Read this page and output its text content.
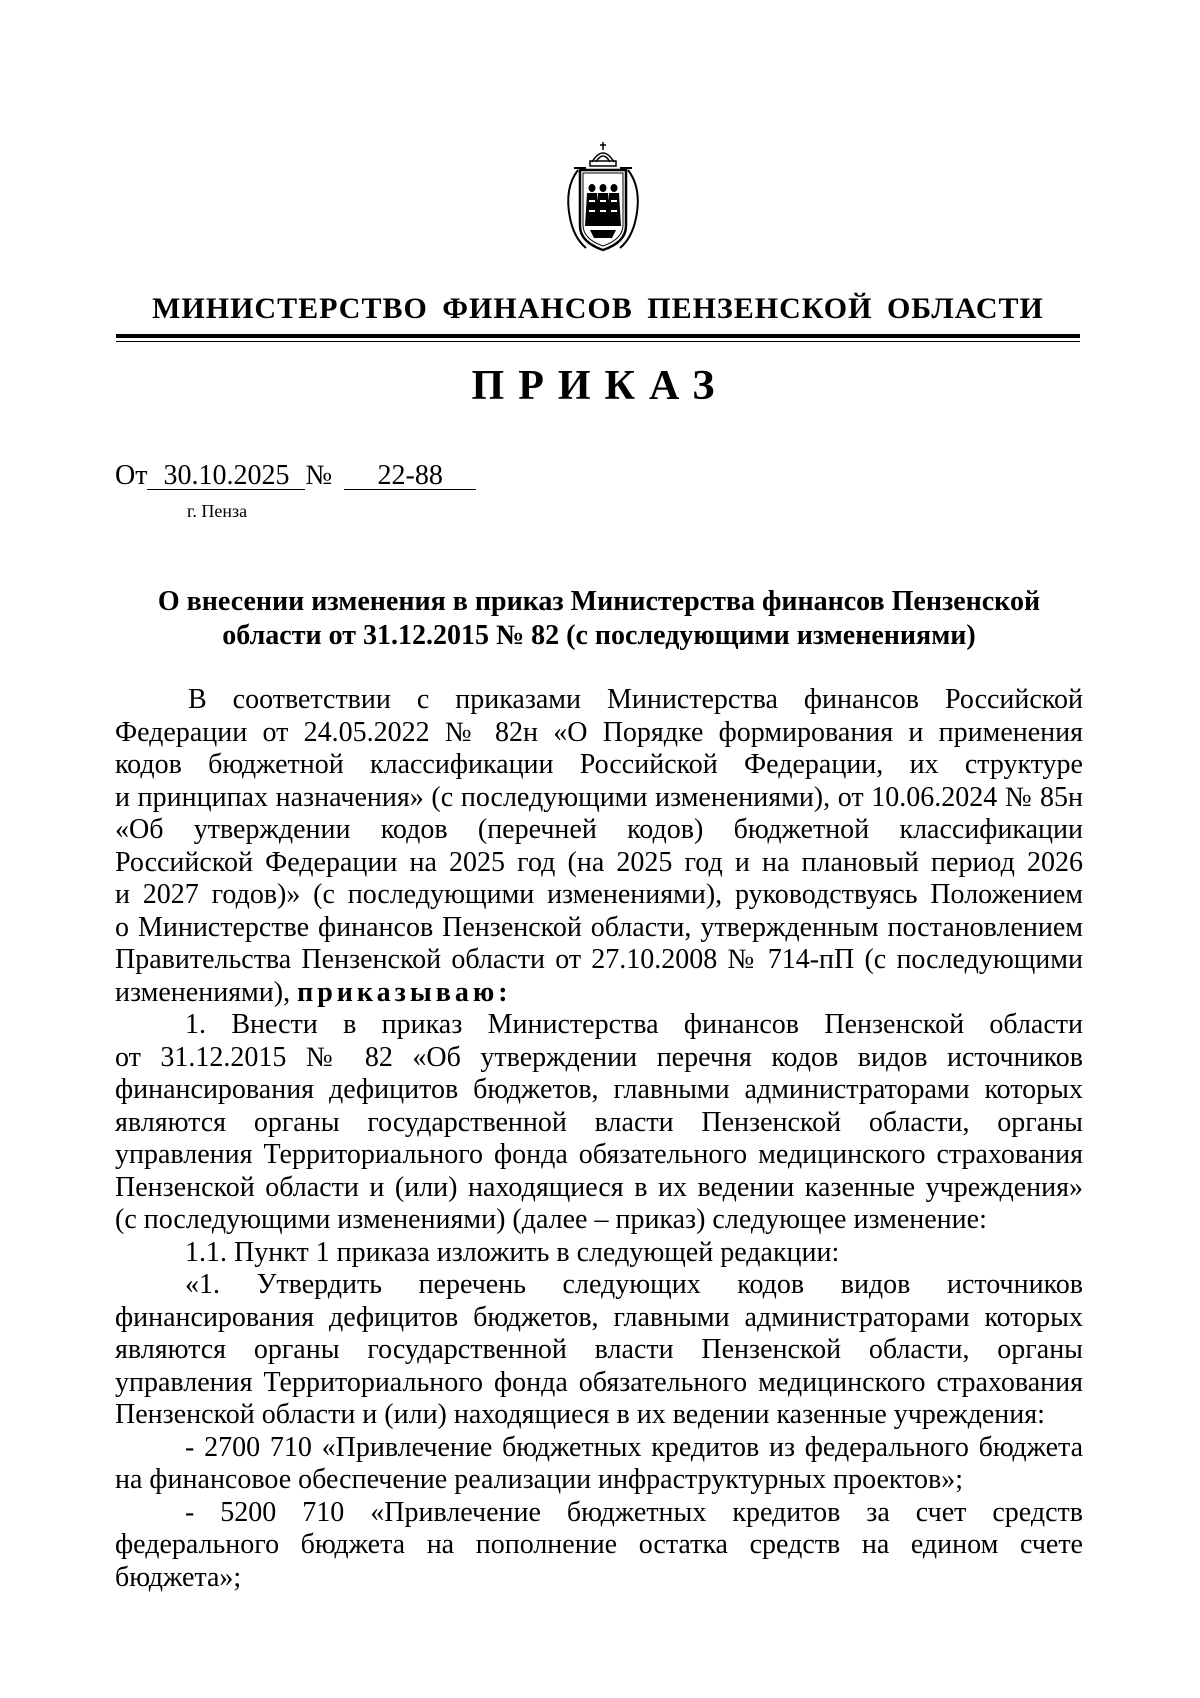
МИНИСТЕРСТВО ФИНАНСОВ ПЕНЗЕНСКОЙ ОБЛАСТИ
ПРИКАЗ
От 30.10.2025 № 22-88
г. Пенза
О внесении изменения в приказ Министерства финансов Пензенской
области от 31.12.2015 № 82 (с последующими изменениями)
В соответствии с приказами Министерства финансов Российской
Федерации от 24.05.2022 № 82н «О Порядке формирования и применения
кодов бюджетной классификации Российской Федерации, их структуре
и принципах назначения» (с последующими изменениями), от 10.06.2024 № 85н
«Об утверждении кодов (перечней кодов) бюджетной классификации
Российской Федерации на 2025 год (на 2025 год и на плановый период 2026
и 2027 годов)» (с последующими изменениями), руководствуясь Положением
о Министерстве финансов Пензенской области, утвержденным постановлением
Правительства Пензенской области от 27.10.2008 № 714-пП (с последующими
изменениями), приказываю:
1. Внести в приказ Министерства финансов Пензенской области
от 31.12.2015 № 82 «Об утверждении перечня кодов видов источников
финансирования дефицитов бюджетов, главными администраторами которых
являются органы государственной власти Пензенской области, органы
управления Территориального фонда обязательного медицинского страхования
Пензенской области и (или) находящиеся в их ведении казенные учреждения»
(с последующими изменениями) (далее – приказ) следующее изменение:
1.1. Пункт 1 приказа изложить в следующей редакции:
«1. Утвердить перечень следующих кодов видов источников
финансирования дефицитов бюджетов, главными администраторами которых
являются органы государственной власти Пензенской области, органы
управления Территориального фонда обязательного медицинского страхования
Пензенской области и (или) находящиеся в их ведении казенные учреждения:
- 2700 710 «Привлечение бюджетных кредитов из федерального бюджета
на финансовое обеспечение реализации инфраструктурных проектов»;
- 5200 710 «Привлечение бюджетных кредитов за счет средств
федерального бюджета на пополнение остатка средств на едином счете
бюджета»;
